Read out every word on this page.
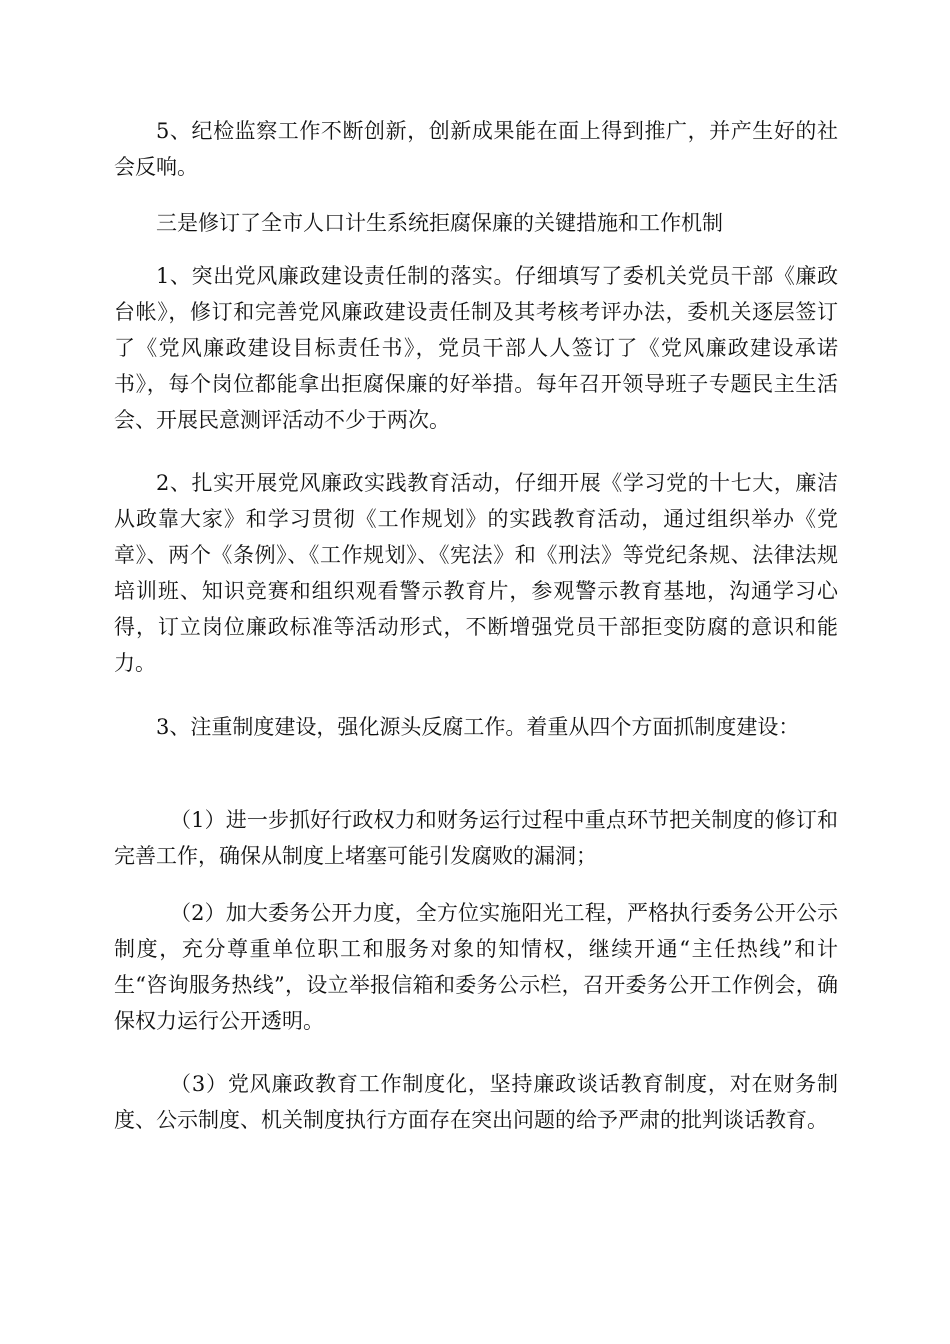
5、纪检监察工作不断创新，创新成果能在面上得到推广，并产生好的社会反响。

三是修订了全市人口计生系统拒腐保廉的关键措施和工作机制

1、突出党风廉政建设责任制的落实。仔细填写了委机关党员干部《廉政台帐》，修订和完善党风廉政建设责任制及其考核考评办法，委机关逐层签订了《党风廉政建设目标责任书》，党员干部人人签订了《党风廉政建设承诺书》，每个岗位都能拿出拒腐保廉的好举措。每年召开领导班子专题民主生活会、开展民意测评活动不少于两次。

2、扎实开展党风廉政实践教育活动，仔细开展《学习党的十七大，廉洁从政靠大家》和学习贯彻《工作规划》的实践教育活动，通过组织举办《党章》、两个《条例》、《工作规划》、《宪法》和《刑法》等党纪条规、法律法规培训班、知识竞赛和组织观看警示教育片，参观警示教育基地，沟通学习心得，订立岗位廉政标准等活动形式，不断增强党员干部拒变防腐的意识和能力。

3、注重制度建设，强化源头反腐工作。着重从四个方面抓制度建设：

（1）进一步抓好行政权力和财务运行过程中重点环节把关制度的修订和完善工作，确保从制度上堵塞可能引发腐败的漏洞；

（2）加大委务公开力度，全方位实施阳光工程，严格执行委务公开公示制度，充分尊重单位职工和服务对象的知情权，继续开通“主任热线”和计生“咨询服务热线”，设立举报信箱和委务公示栏，召开委务公开工作例会，确保权力运行公开透明。

（3）党风廉政教育工作制度化，坚持廉政谈话教育制度，对在财务制度、公示制度、机关制度执行方面存在突出问题的给予严肃的批判谈话教育。
